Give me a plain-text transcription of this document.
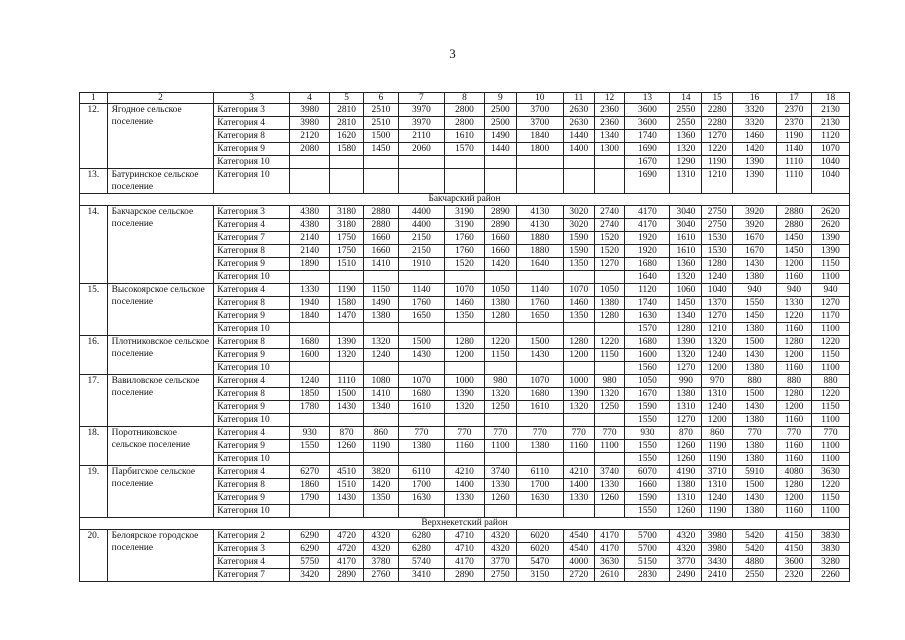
3
1	2	3	4	5	6	7	8	9	10	11	12	13	14	15	16	17	18
12.	Ягодное сельское поселение	Категория 3	3980	2810	2510	3970	2800	2500	3700	2630	2360	3600	2550	2280	3320	2370	2130
		Категория 4	3980	2810	2510	3970	2800	2500	3700	2630	2360	3600	2550	2280	3320	2370	2130
		Категория 8	2120	1620	1500	2110	1610	1490	1840	1440	1340	1740	1360	1270	1460	1190	1120
		Категория 9	2080	1580	1450	2060	1570	1440	1800	1400	1300	1690	1320	1220	1420	1140	1070
		Категория 10										1670	1290	1190	1390	1110	1040
13.	Батуринское сельское поселение	Категория 10										1690	1310	1210	1390	1110	1040
Бакчарский район																	
14.	Бакчарское сельское поселение	Категория 3	4380	3180	2880	4400	3190	2890	4130	3020	2740	4170	3040	2750	3920	2880	2620
		Категория 4	4380	3180	2880	4400	3190	2890	4130	3020	2740	4170	3040	2750	3920	2880	2620
		Категория 7	2140	1750	1660	2150	1760	1660	1880	1590	1520	1920	1610	1530	1670	1450	1390
		Категория 8	2140	1750	1660	2150	1760	1660	1880	1590	1520	1920	1610	1530	1670	1450	1390
		Категория 9	1890	1510	1410	1910	1520	1420	1640	1350	1270	1680	1360	1280	1430	1200	1150
		Категория 10										1640	1320	1240	1380	1160	1100
15.	Высокоярское сельское поселение	Категория 4	1330	1190	1150	1140	1070	1050	1140	1070	1050	1120	1060	1040	940	940	940
		Категория 8	1940	1580	1490	1760	1460	1380	1760	1460	1380	1740	1450	1370	1550	1330	1270
		Категория 9	1840	1470	1380	1650	1350	1280	1650	1350	1280	1630	1340	1270	1450	1220	1170
		Категория 10										1570	1280	1210	1380	1160	1100
16.	Плотниковское сельское поселение	Категория 8	1680	1390	1320	1500	1280	1220	1500	1280	1220	1680	1390	1320	1500	1280	1220
		Категория 9	1600	1320	1240	1430	1200	1150	1430	1200	1150	1600	1320	1240	1430	1200	1150
		Категория 10										1560	1270	1200	1380	1160	1100
17.	Вавиловское сельское поселение	Категория 4	1240	1110	1080	1070	1000	980	1070	1000	980	1050	990	970	880	880	880
		Категория 8	1850	1500	1410	1680	1390	1320	1680	1390	1320	1670	1380	1310	1500	1280	1220
		Категория 9	1780	1430	1340	1610	1320	1250	1610	1320	1250	1590	1310	1240	1430	1200	1150
		Категория 10										1550	1270	1200	1380	1160	1100
18.	Поротниковское сельское поселение	Категория 4	930	870	860	770	770	770	770	770	770	930	870	860	770	770	770
		Категория 9	1550	1260	1190	1380	1160	1100	1380	1160	1100	1550	1260	1190	1380	1160	1100
		Категория 10										1550	1260	1190	1380	1160	1100
19.	Парбигское сельское поселение	Категория 4	6270	4510	3820	6110	4210	3740	6110	4210	3740	6070	4190	3710	5910	4080	3630
		Категория 8	1860	1510	1420	1700	1400	1330	1700	1400	1330	1660	1380	1310	1500	1280	1220
		Категория 9	1790	1430	1350	1630	1330	1260	1630	1330	1260	1590	1310	1240	1430	1200	1150
		Категория 10										1550	1260	1190	1380	1160	1100
Верхнекетский район																	
20.	Белоярское городское поселение	Категория 2	6290	4720	4320	6280	4710	4320	6020	4540	4170	5700	4320	3980	5420	4150	3830
		Категория 3	6290	4720	4320	6280	4710	4320	6020	4540	4170	5700	4320	3980	5420	4150	3830
		Категория 4	5750	4170	3780	5740	4170	3770	5470	4000	3630	5150	3770	3430	4880	3600	3280
		Категория 7	3420	2890	2760	3410	2890	2750	3150	2720	2610	2830	2490	2410	2550	2320	2260
